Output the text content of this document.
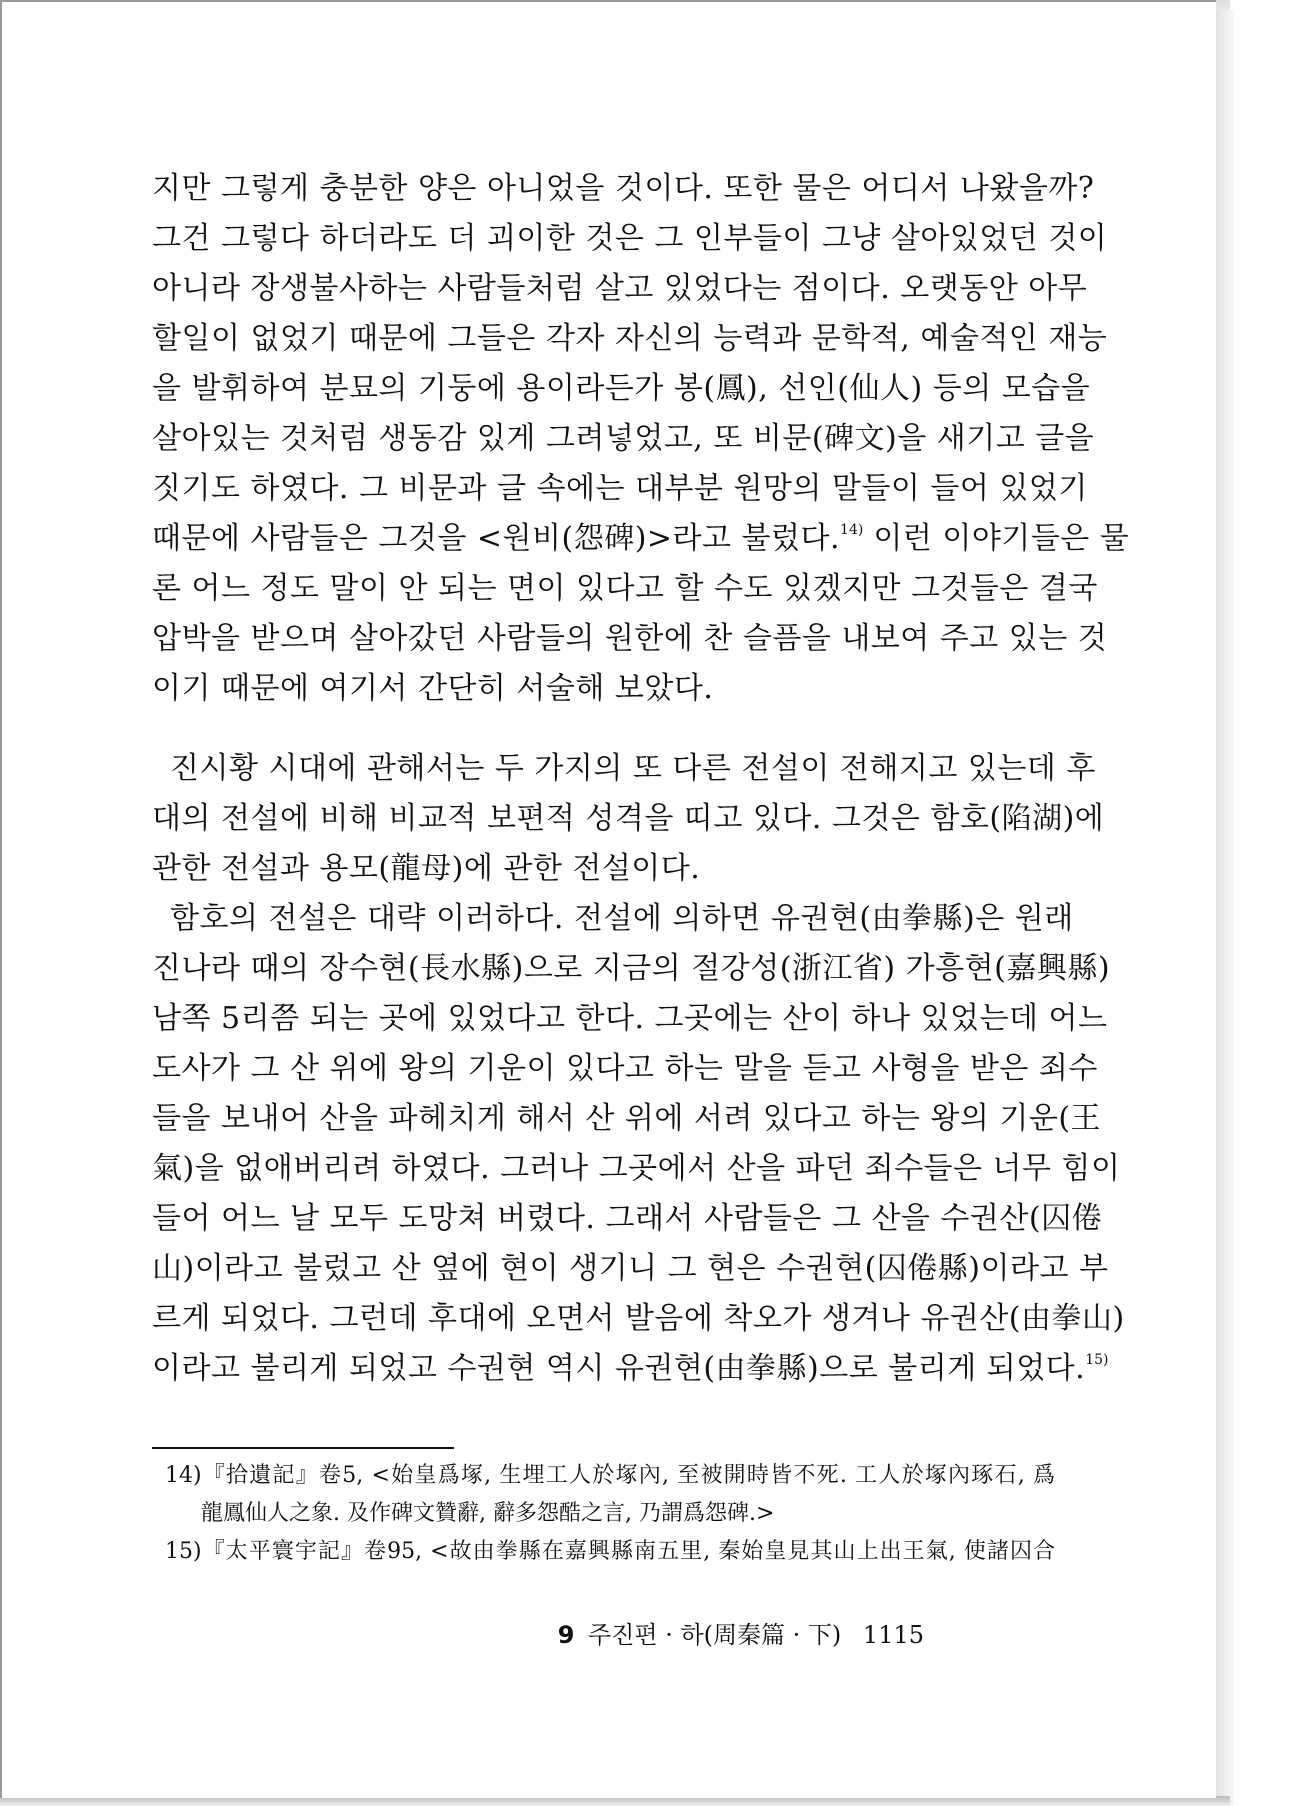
지만 그렇게 충분한 양은 아니었을 것이다. 또한 물은 어디서 나왔을까?
그건 그렇다 하더라도 더 괴이한 것은 그 인부들이 그냥 살아있었던 것이
아니라 장생불사하는 사람들처럼 살고 있었다는 점이다. 오랫동안 아무
할일이 없었기 때문에 그들은 각자 자신의 능력과 문학적, 예술적인 재능
을 발휘하여 분묘의 기둥에 용이라든가 봉(鳳), 선인(仙人) 등의 모습을
살아있는 것처럼 생동감 있게 그려넣었고, 또 비문(碑文)을 새기고 글을
짓기도 하였다. 그 비문과 글 속에는 대부분 원망의 말들이 들어 있었기
때문에 사람들은 그것을 <원비(怨碑)>라고 불렀다.$^{14)}$ 이런 이야기들은 물
론 어느 정도 말이 안 되는 면이 있다고 할 수도 있겠지만 그것들은 결국
압박을 받으며 살아갔던 사람들의 원한에 찬 슬픔을 내보여 주고 있는 것
이기 때문에 여기서 간단히 서술해 보았다.
진시황 시대에 관해서는 두 가지의 또 다른 전설이 전해지고 있는데 후
대의 전설에 비해 비교적 보편적 성격을 띠고 있다. 그것은 함호(陷湖)에
관한 전설과 용모(龍母)에 관한 전설이다.
함호의 전설은 대략 이러하다. 전설에 의하면 유권현(由拳縣)은 원래
진나라 때의 장수현(長水縣)으로 지금의 절강성(浙江省) 가흥현(嘉興縣)
남쪽 5리쯤 되는 곳에 있었다고 한다. 그곳에는 산이 하나 있었는데 어느
도사가 그 산 위에 왕의 기운이 있다고 하는 말을 듣고 사형을 받은 죄수
들을 보내어 산을 파헤치게 해서 산 위에 서려 있다고 하는 왕의 기운(王
氣)을 없애버리려 하였다. 그러나 그곳에서 산을 파던 죄수들은 너무 힘이
들어 어느 날 모두 도망쳐 버렸다. 그래서 사람들은 그 산을 수권산(囚倦
山)이라고 불렀고 산 옆에 현이 생기니 그 현은 수권현(囚倦縣)이라고 부
르게 되었다. 그런데 후대에 오면서 발음에 착오가 생겨나 유권산(由拳山)
이라고 불리게 되었고 수권현 역시 유권현(由拳縣)으로 불리게 되었다.$^{15)}$
14)『拾遺記』卷5, <始皇爲塚, 生埋工人於塚內, 至被開時皆不死. 工人於塚內琢石, 爲
龍鳳仙人之象. 及作碑文贊辭, 辭多怨酷之言, 乃謂爲怨碑.>
15)『太平寰宇記』卷95, <故由拳縣在嘉興縣南五里, 秦始皇見其山上出王氣, 使諸囚合
9 주진편 · 하(周秦篇 · 下) 1115
